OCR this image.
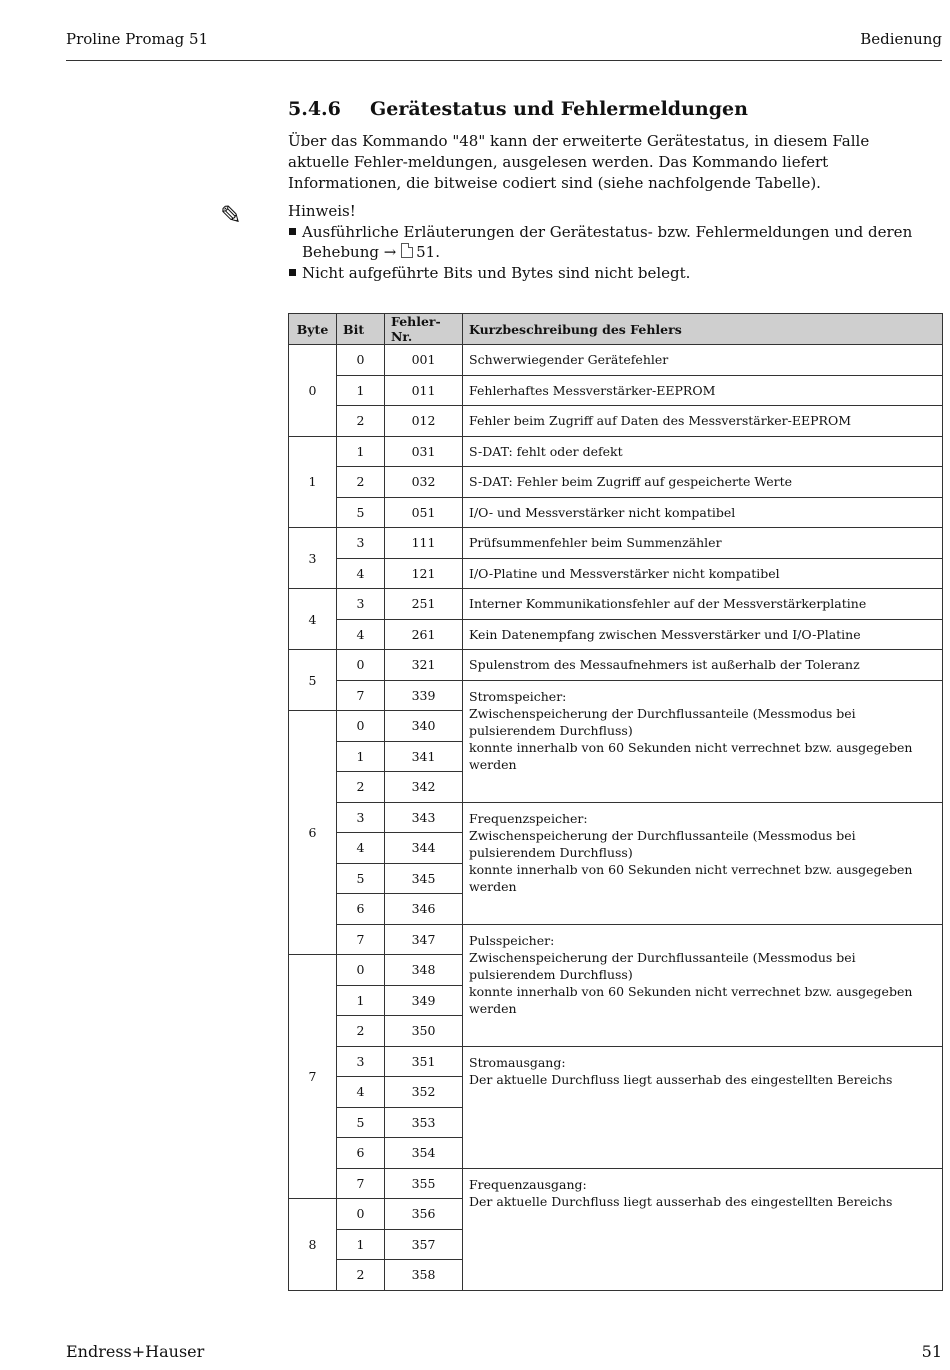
Proline Promag 51	Bedienung
5.4.6 Gerätestatus und Fehlermeldungen
Über das Kommando "48" kann der erweiterte Gerätestatus, in diesem Falle aktuelle Fehler-meldungen, ausgelesen werden. Das Kommando liefert Informationen, die bitweise codiert sind (siehe nachfolgende Tabelle).
✎	Hinweis!
Ausführliche Erläuterungen der Gerätestatus- bzw. Fehlermeldungen und deren
Behebung → 51.
Nicht aufgeführte Bits und Bytes sind nicht belegt.
Byte	Bit	Fehler-Nr.	Kurzbeschreibung des Fehlers
0	0	001	Schwerwiegender Gerätefehler
	1	011	Fehlerhaftes Messverstärker-EEPROM
	2	012	Fehler beim Zugriff auf Daten des Messverstärker-EEPROM
1	1	031	S-DAT: fehlt oder defekt
	2	032	S-DAT: Fehler beim Zugriff auf gespeicherte Werte
	5	051	I/O- und Messverstärker nicht kompatibel
3	3	111	Prüfsummenfehler beim Summenzähler
	4	121	I/O-Platine und Messverstärker nicht kompatibel
4	3	251	Interner Kommunikationsfehler auf der Messverstärkerplatine
	4	261	Kein Datenempfang zwischen Messverstärker und I/O-Platine
5	0	321	Spulenstrom des Messaufnehmers ist außerhalb der Toleranz
	7	339	Stromspeicher:
Zwischenspeicherung der Durchflussanteile (Messmodus bei pulsierendem Durchfluss)
konnte innerhalb von 60 Sekunden nicht verrechnet bzw. ausgegeben werden
6	0	340	
	1	341	
	2	342	
	3	343	Frequenzspeicher:
Zwischenspeicherung der Durchflussanteile (Messmodus bei pulsierendem Durchfluss)
konnte innerhalb von 60 Sekunden nicht verrechnet bzw. ausgegeben werden
	4	344	
	5	345	
	6	346	
	7	347	Pulsspeicher:
Zwischenspeicherung der Durchflussanteile (Messmodus bei pulsierendem Durchfluss)
konnte innerhalb von 60 Sekunden nicht verrechnet bzw. ausgegeben werden
7	0	348	
	1	349	
	2	350	
	3	351	Stromausgang:
Der aktuelle Durchfluss liegt ausserhab des eingestellten Bereichs
	4	352	
	5	353	
	6	354	
	7	355	Frequenzausgang:
Der aktuelle Durchfluss liegt ausserhab des eingestellten Bereichs
8	0	356	
	1	357	
	2	358	
Endress+Hauser	51
